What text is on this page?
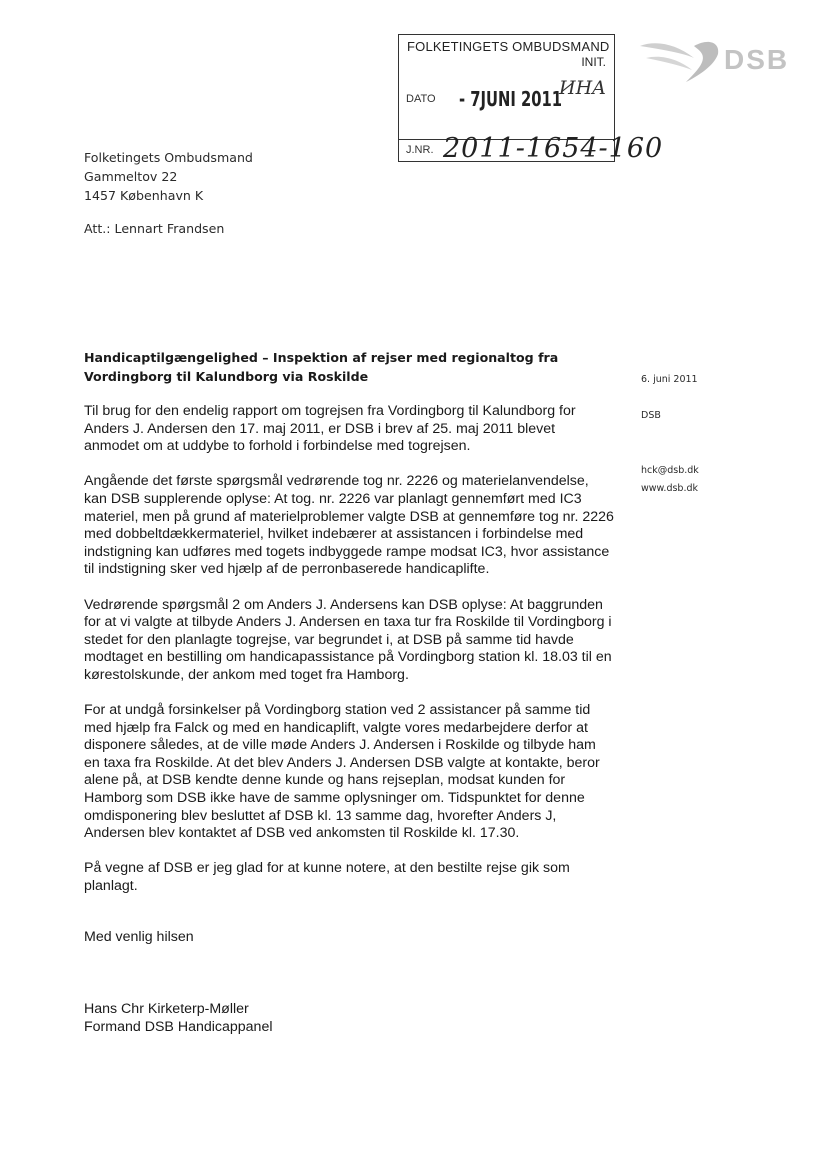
FOLKETINGETS OMBUDSMAND
INIT.
ИHA
DATO - 7JUNI 2011
J.NR. 2011-1654-160
DSB
Folketingets Ombudsmand
Gammeltov 22
1457 København K
Att.: Lennart Frandsen
Handicaptilgængelighed – Inspektion af rejser med regionaltog fra Vordingborg til Kalundborg via Roskilde	6. juni 2011
DSB
hck@dsb.dk
www.dsb.dk

Til brug for den endelig rapport om togrejsen fra Vordingborg til Kalundborg for Anders J. Andersen den 17. maj 2011, er DSB i brev af 25. maj 2011 blevet anmodet om at uddybe to forhold i forbindelse med togrejsen.

Angående det første spørgsmål vedrørende tog nr. 2226 og materielanvendelse, kan DSB supplerende oplyse: At tog. nr. 2226 var planlagt gennemført med IC3 materiel, men på grund af materielproblemer valgte DSB at gennemføre tog nr. 2226 med dobbeltdækkermateriel, hvilket indebærer at assistancen i forbindelse med indstigning kan udføres med togets indbyggede rampe modsat IC3, hvor assistance til indstigning sker ved hjælp af de perronbaserede handicaplifte.

Vedrørende spørgsmål 2 om Anders J. Andersens kan DSB oplyse: At baggrunden for at vi valgte at tilbyde Anders J. Andersen en taxa tur fra Roskilde til Vordingborg i stedet for den planlagte togrejse, var begrundet i, at DSB på samme tid havde modtaget en bestilling om handicapassistance på Vordingborg station kl. 18.03 til en kørestolskunde, der ankom med toget fra Hamborg.

For at undgå forsinkelser på Vordingborg station ved 2 assistancer på samme tid med hjælp fra Falck og med en handicaplift, valgte vores medarbejdere derfor at disponere således, at de ville møde Anders J. Andersen i Roskilde og tilbyde ham en taxa fra Roskilde. At det blev Anders J. Andersen DSB valgte at kontakte, beror alene på, at DSB kendte denne kunde og hans rejseplan, modsat kunden for Hamborg som DSB ikke have de samme oplysninger om. Tidspunktet for denne omdisponering blev besluttet af DSB kl. 13 samme dag, hvorefter Anders J, Andersen blev kontaktet af DSB ved ankomsten til Roskilde kl. 17.30.

På vegne af DSB er jeg glad for at kunne notere, at den bestilte rejse gik som planlagt.

Med venlig hilsen
Hans Chr Kirketerp-Møller
Formand DSB Handicappanel
